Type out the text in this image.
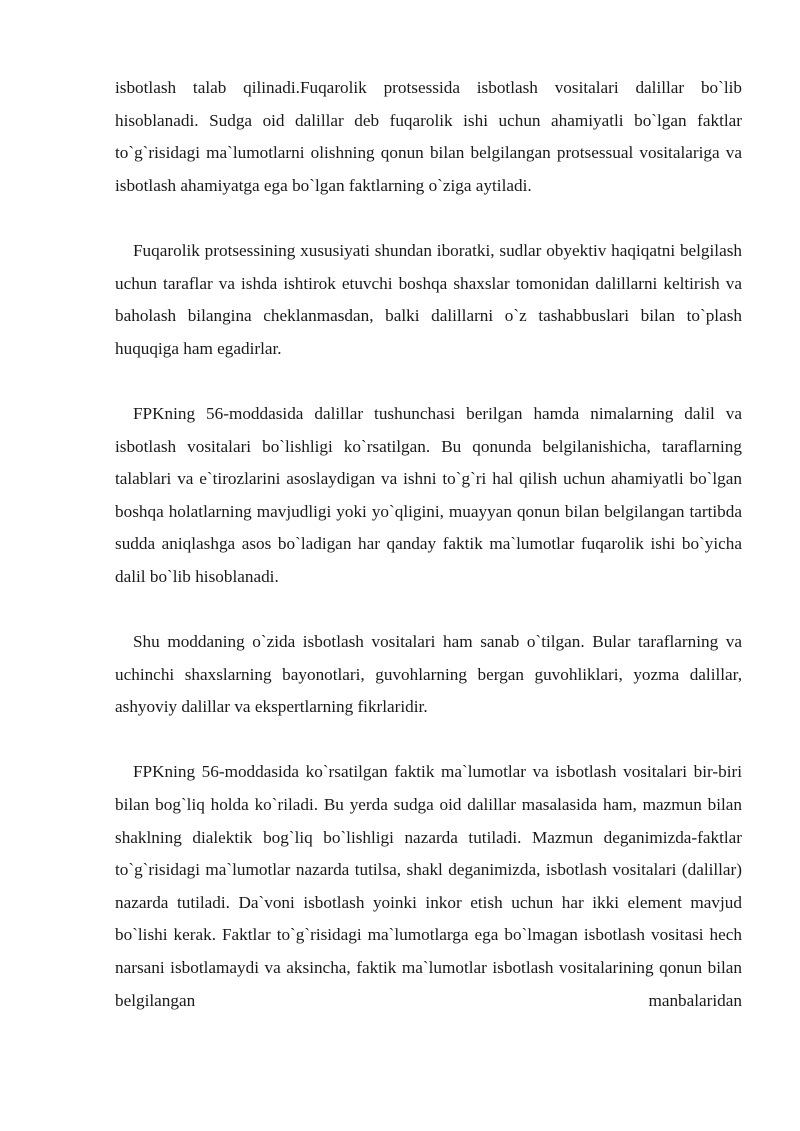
isbotlash talab qilinadi.Fuqarolik protsessida isbotlash vositalari dalillar bo`lib hisoblanadi. Sudga oid dalillar deb fuqarolik ishi uchun ahamiyatli bo`lgan faktlar to`g`risidagi ma`lumotlarni olishning qonun bilan belgilangan protsessual vositalariga va isbotlash ahamiyatga ega bo`lgan faktlarning o`ziga aytiladi.

Fuqarolik protsessining xususiyati shundan iboratki, sudlar obyektiv haqiqatni belgilash uchun taraflar va ishda ishtirok etuvchi boshqa shaxslar tomonidan dalillarni keltirish va baholash bilangina cheklanmasdan, balki dalillarni o`z tashabbuslari bilan to`plash huquqiga ham egadirlar.

FPKning 56-moddasida dalillar tushunchasi berilgan hamda nimalarning dalil va isbotlash vositalari bo`lishligi ko`rsatilgan. Bu qonunda belgilanishicha, taraflarning talablari va e`tirozlarini asoslaydigan va ishni to`g`ri hal qilish uchun ahamiyatli bo`lgan boshqa holatlarning mavjudligi yoki yo`qligini, muayyan qonun bilan belgilangan tartibda sudda aniqlashga asos bo`ladigan har qanday faktik ma`lumotlar fuqarolik ishi bo`yicha dalil bo`lib hisoblanadi.

Shu moddaning o`zida isbotlash vositalari ham sanab o`tilgan. Bular taraflarning va uchinchi shaxslarning bayonotlari, guvohlarning bergan guvohliklari, yozma dalillar, ashyoviy dalillar va ekspertlarning fikrlaridir.

FPKning 56-moddasida ko`rsatilgan faktik ma`lumotlar va isbotlash vositalari bir-biri bilan bog`liq holda ko`riladi. Bu yerda sudga oid dalillar masalasida ham, mazmun bilan shaklning dialektik bog`liq bo`lishligi nazarda tutiladi. Mazmun deganimizda-faktlar to`g`risidagi ma`lumotlar nazarda tutilsa, shakl deganimizda, isbotlash vositalari (dalillar) nazarda tutiladi. Da`voni isbotlash yoinki inkor etish uchun har ikki element mavjud bo`lishi kerak. Faktlar to`g`risidagi ma`lumotlarga ega bo`lmagan isbotlash vositasi hech narsani isbotlamaydi va aksincha, faktik ma`lumotlar isbotlash vositalarining qonun bilan belgilangan manbalaridan
